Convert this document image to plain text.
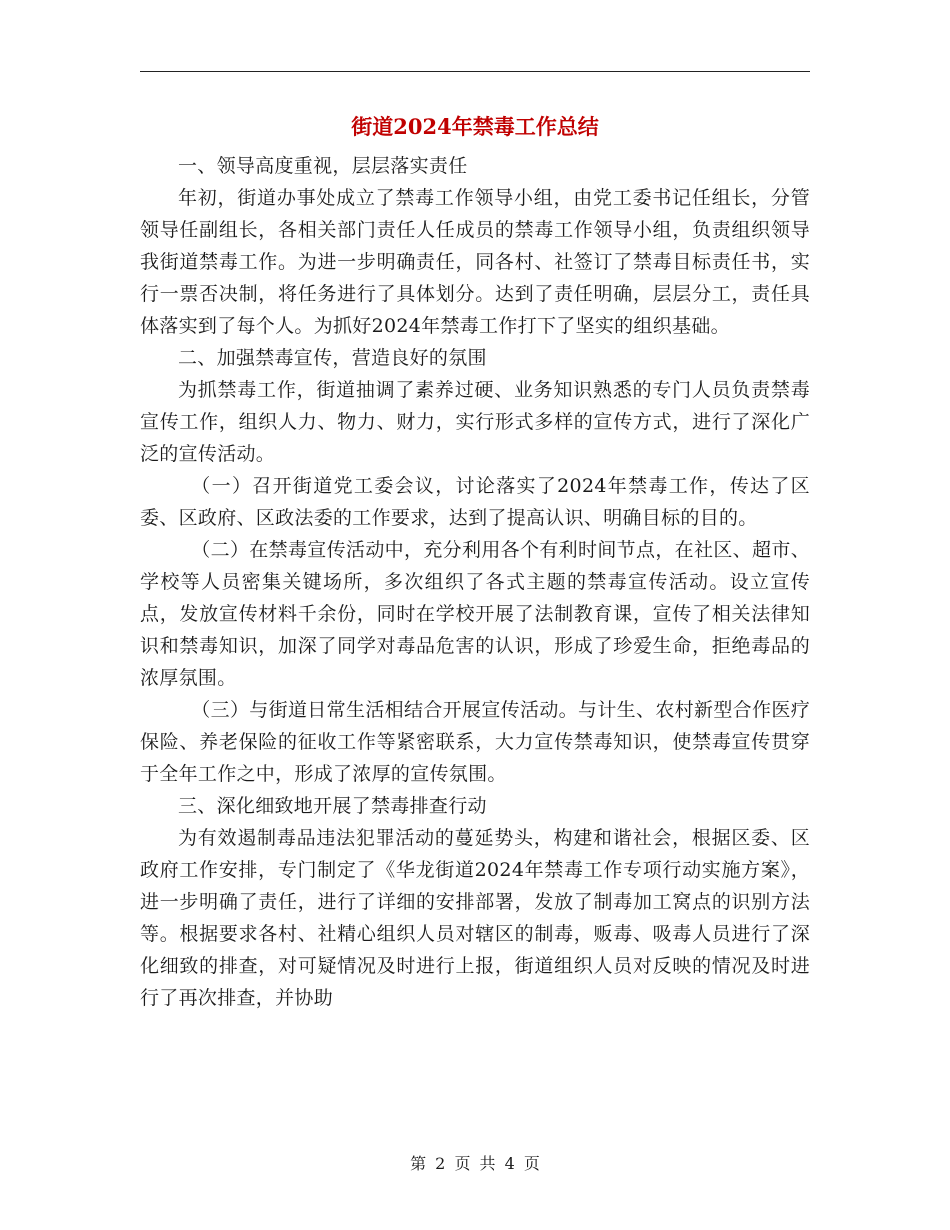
街道2024年禁毒工作总结

一、领导高度重视，层层落实责任

年初，街道办事处成立了禁毒工作领导小组，由党工委书记任组长，分管领导任副组长，各相关部门责任人任成员的禁毒工作领导小组，负责组织领导我街道禁毒工作。为进一步明确责任，同各村、社签订了禁毒目标责任书，实行一票否决制，将任务进行了具体划分。达到了责任明确，层层分工，责任具体落实到了每个人。为抓好2024年禁毒工作打下了坚实的组织基础。

二、加强禁毒宣传，营造良好的氛围

为抓禁毒工作，街道抽调了素养过硬、业务知识熟悉的专门人员负责禁毒宣传工作，组织人力、物力、财力，实行形式多样的宣传方式，进行了深化广泛的宣传活动。

（一）召开街道党工委会议，讨论落实了2024年禁毒工作，传达了区委、区政府、区政法委的工作要求，达到了提高认识、明确目标的目的。

（二）在禁毒宣传活动中，充分利用各个有利时间节点，在社区、超市、学校等人员密集关键场所，多次组织了各式主题的禁毒宣传活动。设立宣传点，发放宣传材料千余份，同时在学校开展了法制教育课，宣传了相关法律知识和禁毒知识，加深了同学对毒品危害的认识，形成了珍爱生命，拒绝毒品的浓厚氛围。

（三）与街道日常生活相结合开展宣传活动。与计生、农村新型合作医疗保险、养老保险的征收工作等紧密联系，大力宣传禁毒知识，使禁毒宣传贯穿于全年工作之中，形成了浓厚的宣传氛围。

三、深化细致地开展了禁毒排查行动

为有效遏制毒品违法犯罪活动的蔓延势头，构建和谐社会，根据区委、区政府工作安排，专门制定了《华龙街道2024年禁毒工作专项行动实施方案》，进一步明确了责任，进行了详细的安排部署，发放了制毒加工窝点的识别方法等。根据要求各村、社精心组织人员对辖区的制毒，贩毒、吸毒人员进行了深化细致的排查，对可疑情况及时进行上报，街道组织人员对反映的情况及时进行了再次排查，并协助

第 2 页 共 4 页
